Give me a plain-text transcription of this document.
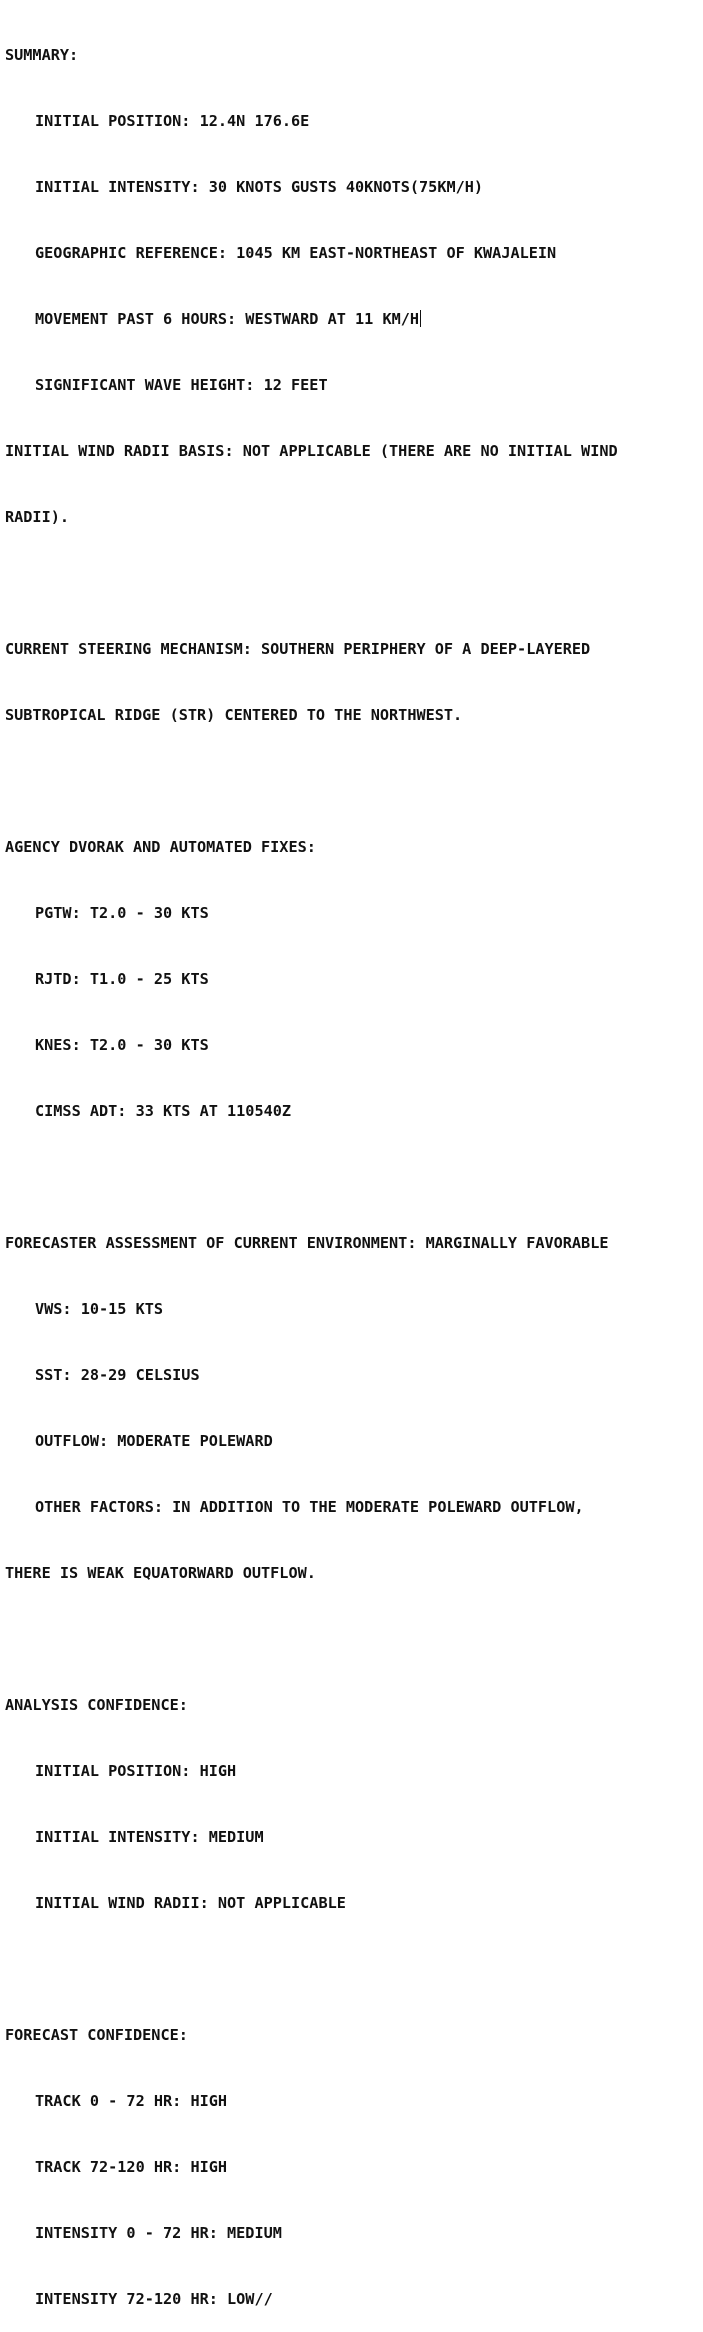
SUMMARY:

INITIAL POSITION: 12.4N 176.6E

INITIAL INTENSITY: 30 KNOTS GUSTS 40KNOTS(75KM/H)

GEOGRAPHIC REFERENCE: 1045 KM EAST-NORTHEAST OF KWAJALEIN

MOVEMENT PAST 6 HOURS: WESTWARD AT 11 KM/H

SIGNIFICANT WAVE HEIGHT: 12 FEET

INITIAL WIND RADII BASIS: NOT APPLICABLE (THERE ARE NO INITIAL WIND

RADII).

CURRENT STEERING MECHANISM: SOUTHERN PERIPHERY OF A DEEP-LAYERED

SUBTROPICAL RIDGE (STR) CENTERED TO THE NORTHWEST.

AGENCY DVORAK AND AUTOMATED FIXES:

PGTW: T2.0 - 30 KTS

RJTD: T1.0 - 25 KTS

KNES: T2.0 - 30 KTS

CIMSS ADT: 33 KTS AT 110540Z

FORECASTER ASSESSMENT OF CURRENT ENVIRONMENT: MARGINALLY FAVORABLE

VWS: 10-15 KTS

SST: 28-29 CELSIUS

OUTFLOW: MODERATE POLEWARD

OTHER FACTORS: IN ADDITION TO THE MODERATE POLEWARD OUTFLOW,

THERE IS WEAK EQUATORWARD OUTFLOW.

ANALYSIS CONFIDENCE:

INITIAL POSITION: HIGH

INITIAL INTENSITY: MEDIUM

INITIAL WIND RADII: NOT APPLICABLE

FORECAST CONFIDENCE:

TRACK 0 - 72 HR: HIGH

TRACK 72-120 HR: HIGH

INTENSITY 0 - 72 HR: MEDIUM

INTENSITY 72-120 HR: LOW//
